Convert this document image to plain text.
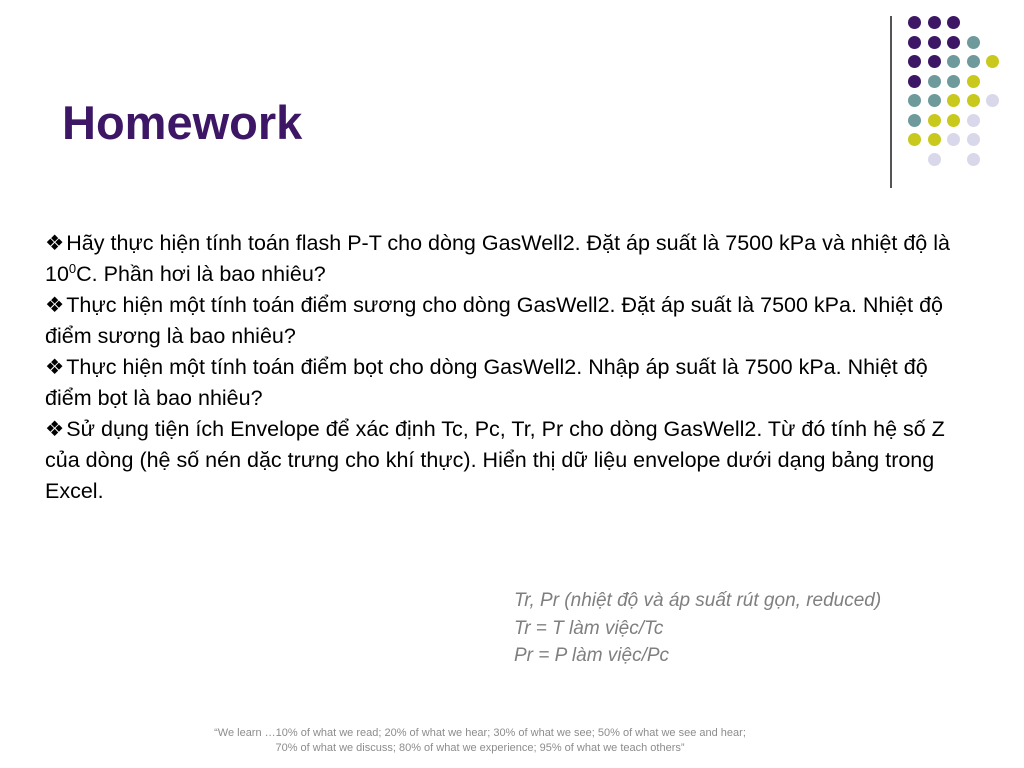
Homework

❖Hãy thực hiện tính toán flash P-T cho dòng GasWell2. Đặt áp suất là 7500 kPa và nhiệt độ là $10^0C$. Phần hơi là bao nhiêu?

❖Thực hiện một tính toán điểm sương cho dòng GasWell2. Đặt áp suất là 7500 kPa. Nhiệt độ điểm sương là bao nhiêu?

❖Thực hiện một tính toán điểm bọt cho dòng GasWell2. Nhập áp suất là 7500 kPa. Nhiệt độ điểm bọt là bao nhiêu?

❖Sử dụng tiện ích Envelope để xác định Tc, Pc, Tr, Pr cho dòng GasWell2. Từ đó tính hệ số Z của dòng (hệ số nén dặc trưng cho khí thực). Hiển thị dữ liệu envelope dưới dạng bảng trong Excel.

Tr, Pr (nhiệt độ và áp suất rút gọn, reduced)
Tr = T làm việc/Tc
Pr = P làm việc/Pc
“We learn …10% of what we read; 20% of what we hear; 30% of what we see; 50% of what we see and hear;
70% of what we discuss; 80% of what we experience; 95% of what we teach others”
